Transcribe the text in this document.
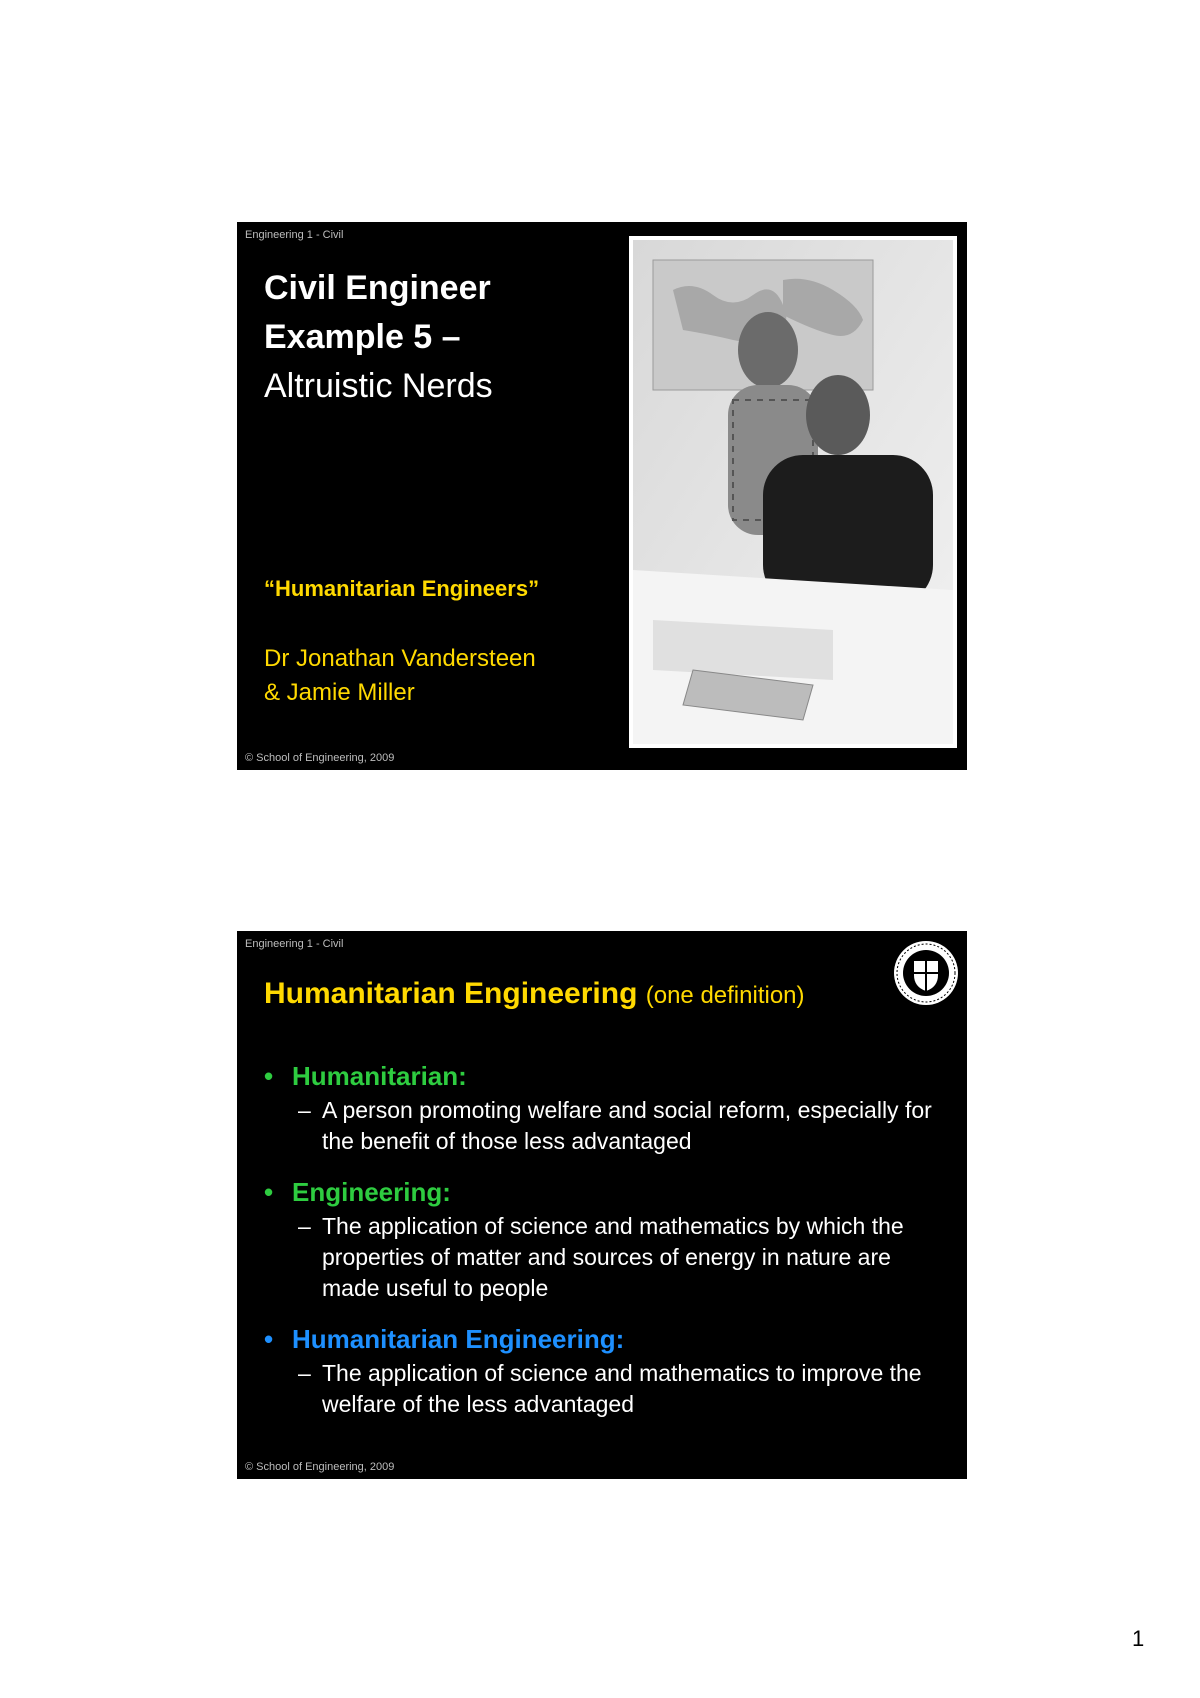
Engineering 1 - Civil
Civil Engineer
Example 5 –
Altruistic Nerds
“Humanitarian Engineers”
Dr Jonathan Vandersteen
& Jamie Miller
© School of Engineering, 2009
Engineering 1 - Civil
Humanitarian Engineering (one definition)

• Humanitarian:

– A person promoting welfare and social reform, especially for the benefit of those less advantaged

• Engineering:

– The application of science and mathematics by which the properties of matter and sources of energy in nature are made useful to people

• Humanitarian Engineering:

– The application of science and mathematics to improve the welfare of the less advantaged
© School of Engineering, 2009
1
